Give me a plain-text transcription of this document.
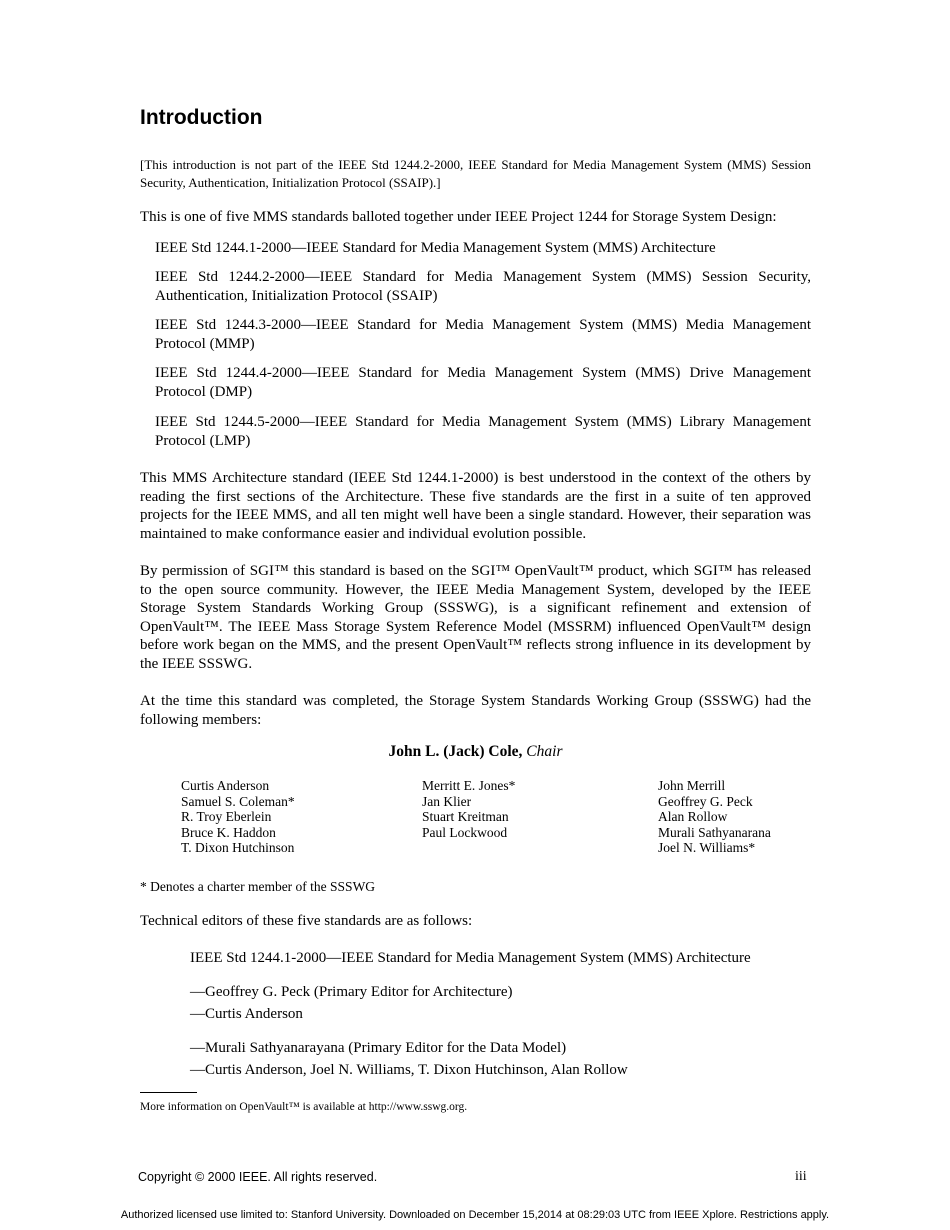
Introduction

[This introduction is not part of the IEEE Std 1244.2-2000, IEEE Standard for Media Management System (MMS) Session Security, Authentication, Initialization Protocol (SSAIP).]

This is one of five MMS standards balloted together under IEEE Project 1244 for Storage System Design:

IEEE Std 1244.1-2000—IEEE Standard for Media Management System (MMS) Architecture

IEEE Std 1244.2-2000—IEEE Standard for Media Management System (MMS) Session Security, Authentication, Initialization Protocol (SSAIP)

IEEE Std 1244.3-2000—IEEE Standard for Media Management System (MMS) Media Management Protocol (MMP)

IEEE Std 1244.4-2000—IEEE Standard for Media Management System (MMS) Drive Management Protocol (DMP)

IEEE Std 1244.5-2000—IEEE Standard for Media Management System (MMS) Library Management Protocol (LMP)

This MMS Architecture standard (IEEE Std 1244.1-2000) is best understood in the context of the others by reading the first sections of the Architecture. These five standards are the first in a suite of ten approved projects for the IEEE MMS, and all ten might well have been a single standard. However, their separation was maintained to make conformance easier and individual evolution possible.

By permission of SGI™ this standard is based on the SGI™ OpenVault™ product, which SGI™ has released to the open source community. However, the IEEE Media Management System, developed by the IEEE Storage System Standards Working Group (SSSWG), is a significant refinement and extension of OpenVault™. The IEEE Mass Storage System Reference Model (MSSRM) influenced OpenVault™ design before work began on the MMS, and the present OpenVault™ reflects strong influence in its development by the IEEE SSSWG.

At the time this standard was completed, the Storage System Standards Working Group (SSSWG) had the following members:

John L. (Jack) Cole, Chair

Curtis Anderson
Samuel S. Coleman*
R. Troy Eberlein
Bruce K. Haddon
T. Dixon Hutchinson
Merritt E. Jones*
Jan Klier
Stuart Kreitman
Paul Lockwood
John Merrill
Geoffrey G. Peck
Alan Rollow
Murali Sathyanarana
Joel N. Williams*

* Denotes a charter member of the SSSWG

Technical editors of these five standards are as follows:

IEEE Std 1244.1-2000—IEEE Standard for Media Management System (MMS) Architecture

—Geoffrey G. Peck (Primary Editor for Architecture)

—Curtis Anderson

—Murali Sathyanarayana (Primary Editor for the Data Model)

—Curtis Anderson, Joel N. Williams, T. Dixon Hutchinson, Alan Rollow

More information on OpenVault™ is available at http://www.sswg.org.

Copyright © 2000 IEEE. All rights reserved.	iii

Authorized licensed use limited to: Stanford University. Downloaded on December 15,2014 at 08:29:03 UTC from IEEE Xplore. Restrictions apply.
